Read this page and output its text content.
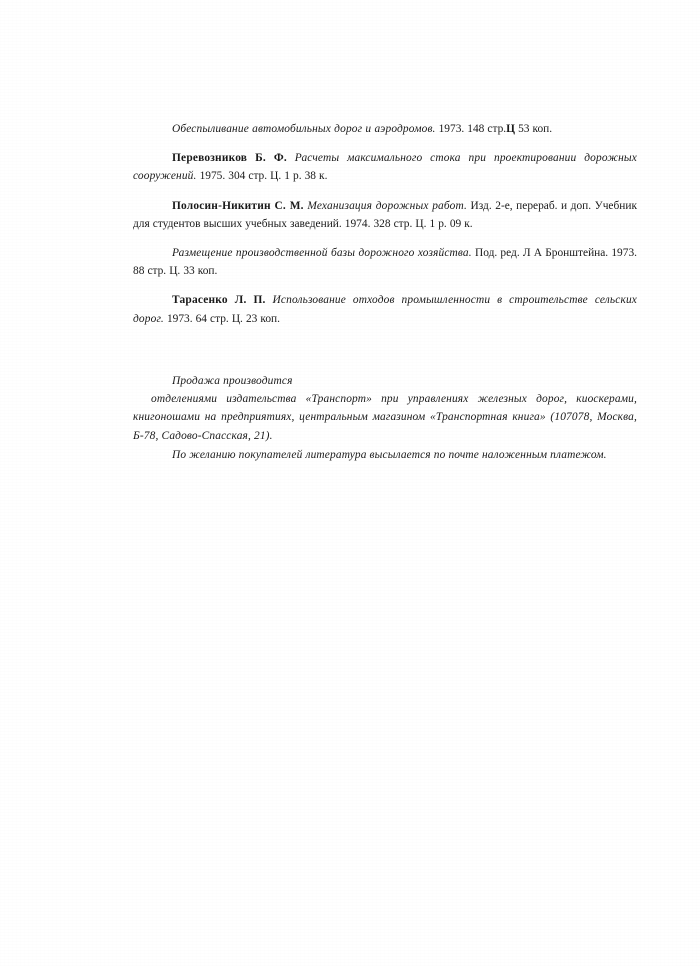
Обеспыливание автомобильных дорог и аэродромов. 1973. 148 стр.Ц 53 коп.

Перевозников Б. Ф. Расчеты максимального стока при проектировании дорожных сооружений. 1975. 304 стр. Ц. 1 р. 38 к.

Полосин-Никитин С. М. Механизация дорожных работ. Изд. 2-е, перераб. и доп. Учебник для студентов высших учебных заведений. 1974. 328 стр. Ц. 1 р. 09 к.

Размещение производственной базы дорожного хозяйства. Под. ред. Л А Бронштейна. 1973. 88 стр. Ц. 33 коп.

Тарасенко Л. П. Использование отходов промышленности в строительстве сельских дорог. 1973. 64 стр. Ц. 23 коп.

Продажа производится

отделениями издательства «Транспорт» при управлениях железных дорог, киоскерами, книгоношами на предприятиях, центральным магазином «Транспортная книга» (107078, Москва, Б-78, Садово-Спасская, 21).

По желанию покупателей литература высылается по почте наложенным платежом.
